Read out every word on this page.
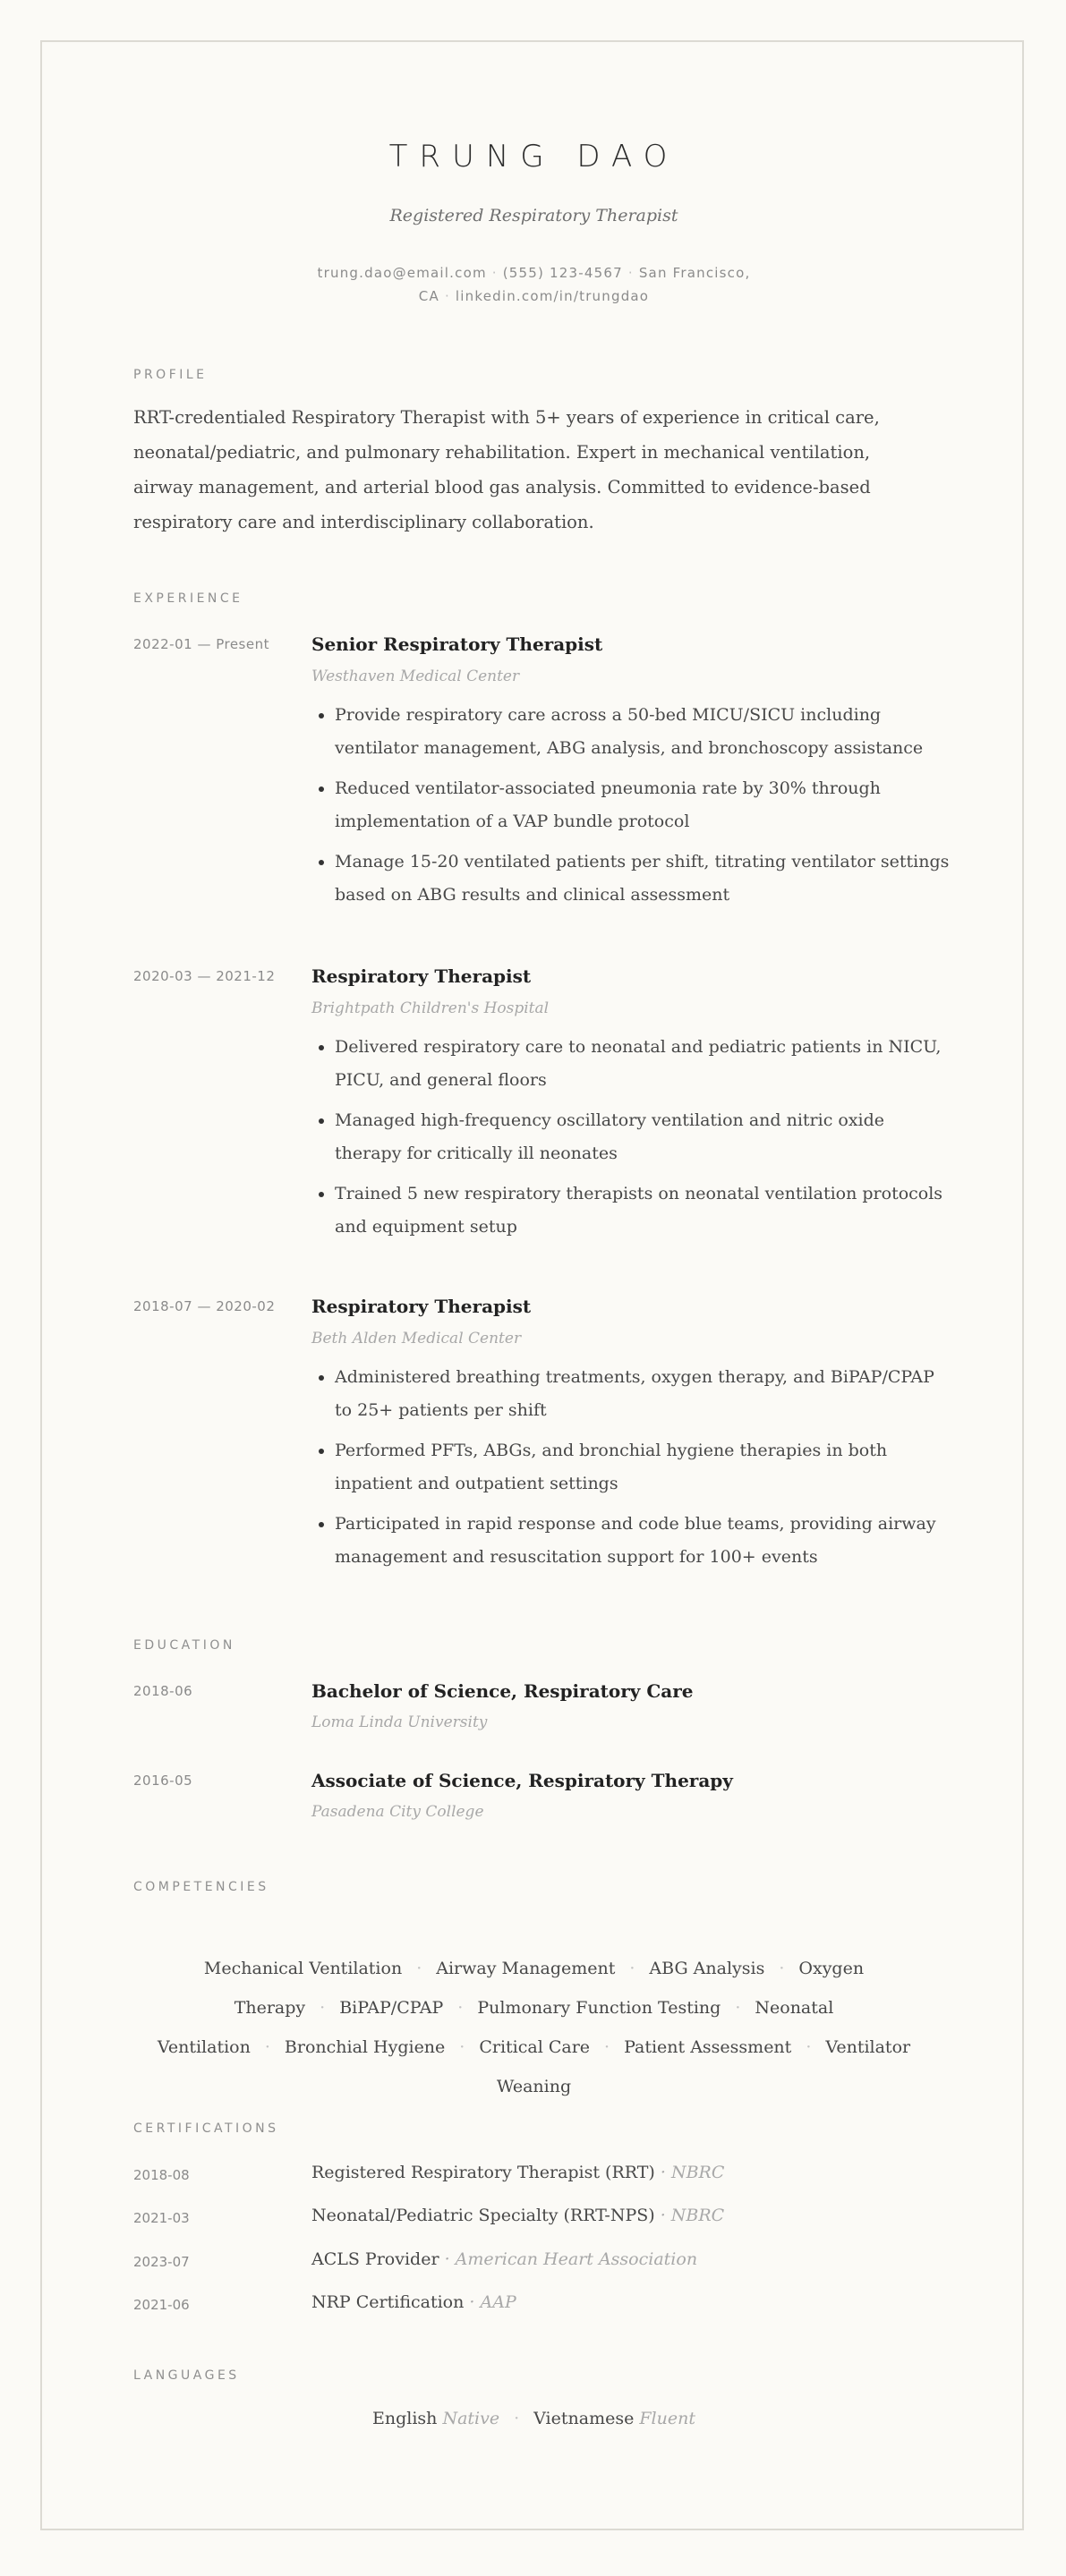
TRUNG DAO
Registered Respiratory Therapist
trung.dao@email.com · (555) 123-4567 · San Francisco,
CA · linkedin.com/in/trungdao
PROFILE
RRT-credentialed Respiratory Therapist with 5+ years of experience in critical care, neonatal/pediatric, and pulmonary rehabilitation. Expert in mechanical ventilation, airway management, and arterial blood gas analysis. Committed to evidence-based respiratory care and interdisciplinary collaboration.
EXPERIENCE
2022-01 — Present Senior Respiratory Therapist
Westhaven Medical Center
• Provide respiratory care across a 50-bed MICU/SICU including ventilator management, ABG analysis, and bronchoscopy assistance
• Reduced ventilator-associated pneumonia rate by 30% through implementation of a VAP bundle protocol
• Manage 15-20 ventilated patients per shift, titrating ventilator settings based on ABG results and clinical assessment
2020-03 — 2021-12 Respiratory Therapist
Brightpath Children's Hospital
• Delivered respiratory care to neonatal and pediatric patients in NICU, PICU, and general floors
• Managed high-frequency oscillatory ventilation and nitric oxide therapy for critically ill neonates
• Trained 5 new respiratory therapists on neonatal ventilation protocols and equipment setup
2018-07 — 2020-02 Respiratory Therapist
Beth Alden Medical Center
• Administered breathing treatments, oxygen therapy, and BiPAP/CPAP to 25+ patients per shift
• Performed PFTs, ABGs, and bronchial hygiene therapies in both inpatient and outpatient settings
• Participated in rapid response and code blue teams, providing airway management and resuscitation support for 100+ events
EDUCATION
2018-06	Bachelor of Science, Respiratory Care
Loma Linda University
2016-05	Associate of Science, Respiratory Therapy
Pasadena City College
COMPETENCIES
Mechanical Ventilation · Airway Management · ABG Analysis · Oxygen Therapy · BiPAP/CPAP · Pulmonary Function Testing · Neonatal Ventilation · Bronchial Hygiene · Critical Care · Patient Assessment · Ventilator Weaning
CERTIFICATIONS
2018-08	Registered Respiratory Therapist (RRT) · NBRC
2021-03	Neonatal/Pediatric Specialty (RRT-NPS) · NBRC
2023-07	ACLS Provider · American Heart Association
2021-06	NRP Certification · AAP
LANGUAGES
English Native · Vietnamese Fluent
